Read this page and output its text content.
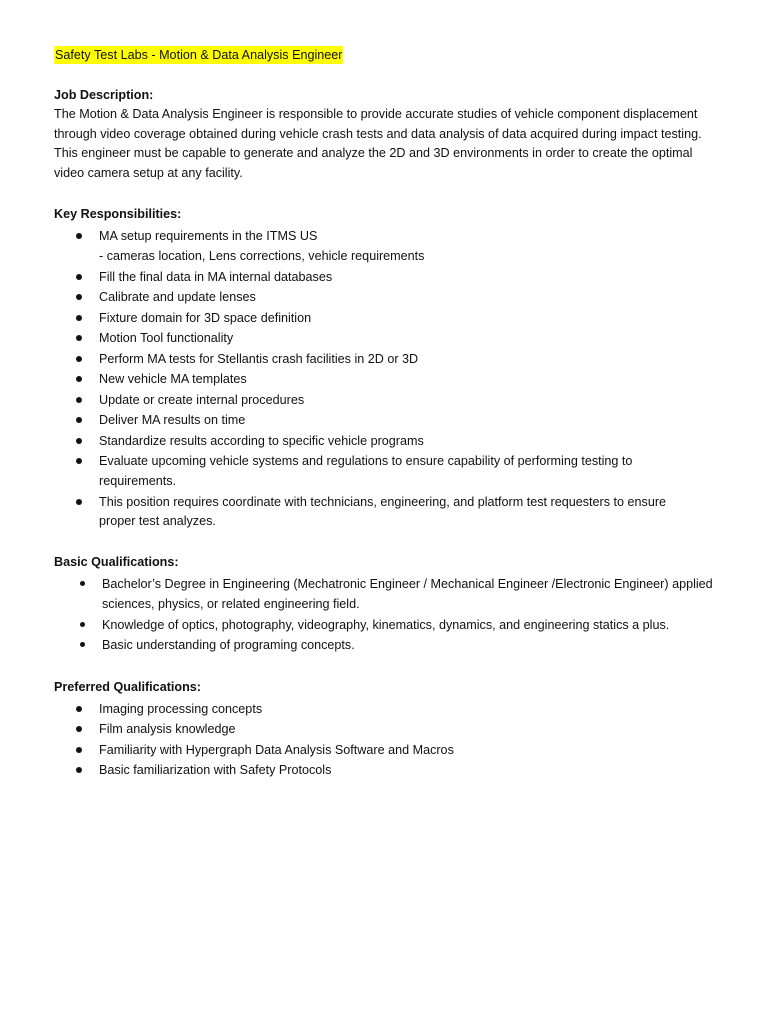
Safety Test Labs - Motion & Data Analysis Engineer

Job Description:

The Motion & Data Analysis Engineer is responsible to provide accurate studies of vehicle component displacement
through video coverage obtained during vehicle crash tests and data analysis of data acquired during impact testing.
This engineer must be capable to generate and analyze the 2D and 3D environments in order to create the optimal
video camera setup at any facility.

Key Responsibilities:

MA setup requirements in the ITMS US
- cameras location, Lens corrections, vehicle requirements
Fill the final data in MA internal databases
Calibrate and update lenses
Fixture domain for 3D space definition
Motion Tool functionality
Perform MA tests for Stellantis crash facilities in 2D or 3D
New vehicle MA templates
Update or create internal procedures
Deliver MA results on time
Standardize results according to specific vehicle programs
Evaluate upcoming vehicle systems and regulations to ensure capability of performing testing to
requirements.
This position requires coordinate with technicians, engineering, and platform test requesters to ensure
proper test analyzes.

Basic Qualifications:

Bachelor’s Degree in Engineering (Mechatronic Engineer / Mechanical Engineer /Electronic Engineer) applied
sciences, physics, or related engineering field.
Knowledge of optics, photography, videography, kinematics, dynamics, and engineering statics a plus.
Basic understanding of programing concepts.

Preferred Qualifications:

Imaging processing concepts
Film analysis knowledge
Familiarity with Hypergraph Data Analysis Software and Macros
Basic familiarization with Safety Protocols
